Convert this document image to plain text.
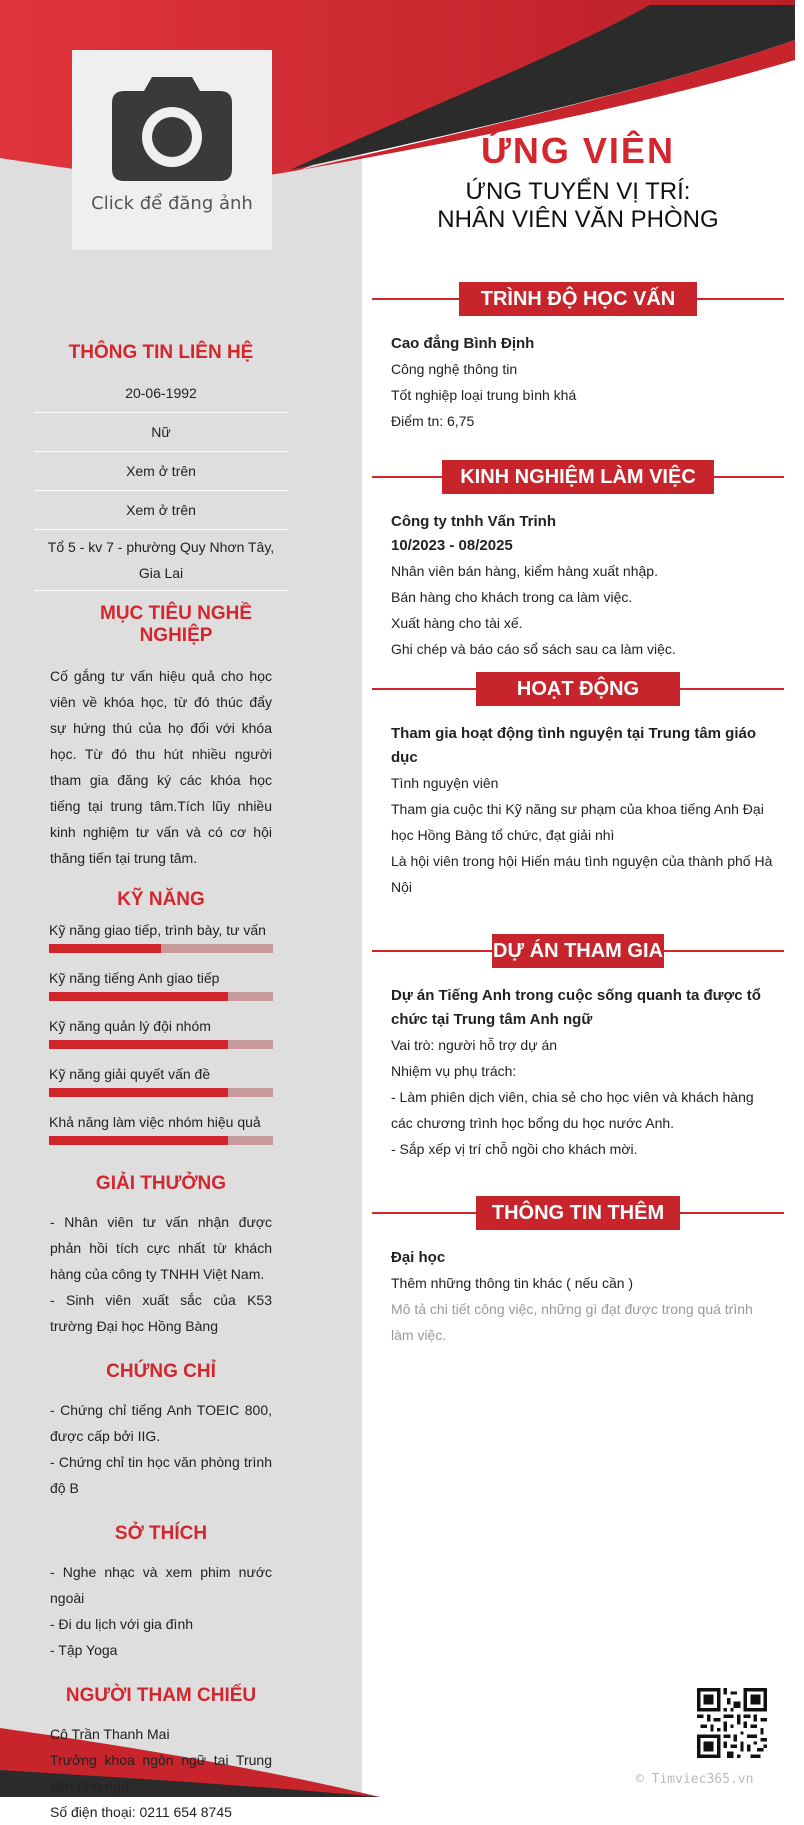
Click để đăng ảnh
THÔNG TIN LIÊN HỆ
20-06-1992
Nữ
Xem ở trên
Xem ở trên
Tổ 5 - kv 7 - phường Quy Nhơn Tây, Gia Lai
MỤC TIÊU NGHỀ NGHIỆP
Cố gắng tư vấn hiệu quả cho học viên về khóa học, từ đó thúc đẩy sự hứng thú của họ đối với khóa học. Từ đó thu hút nhiều người tham gia đăng ký các khóa học tiếng tại trung tâm.Tích lũy nhiều kinh nghiệm tư vấn và có cơ hội thăng tiến tại trung tâm.
KỸ NĂNG
Kỹ năng giao tiếp, trình bày, tư vấn
Kỹ năng tiếng Anh giao tiếp
Kỹ năng quản lý đội nhóm
Kỹ năng giải quyết vấn đề
Khả năng làm việc nhóm hiệu quả
GIẢI THƯỞNG
- Nhân viên tư vấn nhận được phản hồi tích cực nhất từ khách hàng của công ty TNHH Việt Nam.
- Sinh viên xuất sắc của K53 trường Đại học Hồng Bàng
CHỨNG CHỈ
- Chứng chỉ tiếng Anh TOEIC 800, được cấp bởi IIG.
- Chứng chỉ tin học văn phòng trình độ B
SỞ THÍCH
- Nghe nhạc và xem phim nước ngoài
- Đi du lịch với gia đình
- Tập Yoga
NGƯỜI THAM CHIẾU
Cô Trần Thanh Mai
Trưởng khoa ngôn ngữ tại Trung tâm Anh ngữ
Số điện thoại: 0211 654 8745
ỨNG VIÊN
ỨNG TUYỂN VỊ TRÍ:
NHÂN VIÊN VĂN PHÒNG
TRÌNH ĐỘ HỌC VẤN
Cao đẳng Bình Định
Công nghệ thông tin
Tốt nghiệp loại trung bình khá
Điểm tn: 6,75
KINH NGHIỆM LÀM VIỆC
Công ty tnhh Vấn Trinh
10/2023 - 08/2025
Nhân viên bán hàng, kiểm hàng xuất nhập.
Bán hàng cho khách trong ca làm việc.
Xuất hàng cho tài xế.
Ghi chép và báo cáo sổ sách sau ca làm việc.
HOẠT ĐỘNG
Tham gia hoạt động tình nguyện tại Trung tâm giáo dục
Tình nguyện viên
Tham gia cuộc thi Kỹ năng sư phạm của khoa tiếng Anh Đại học Hồng Bàng tổ chức, đạt giải nhì
Là hội viên trong hội Hiến máu tình nguyện của thành phố Hà Nội
DỰ ÁN THAM GIA
Dự án Tiếng Anh trong cuộc sống quanh ta được tổ chức tại Trung tâm Anh ngữ
Vai trò: người hỗ trợ dự án
Nhiệm vụ phụ trách:
- Làm phiên dịch viên, chia sẻ cho học viên và khách hàng các chương trình học bổng du học nước Anh.
- Sắp xếp vị trí chỗ ngồi cho khách mời.
THÔNG TIN THÊM
Đại học
Thêm những thông tin khác ( nếu cần )
Mô tả chi tiết công việc, những gì đạt được trong quá trình làm việc.
© Timviec365.vn
